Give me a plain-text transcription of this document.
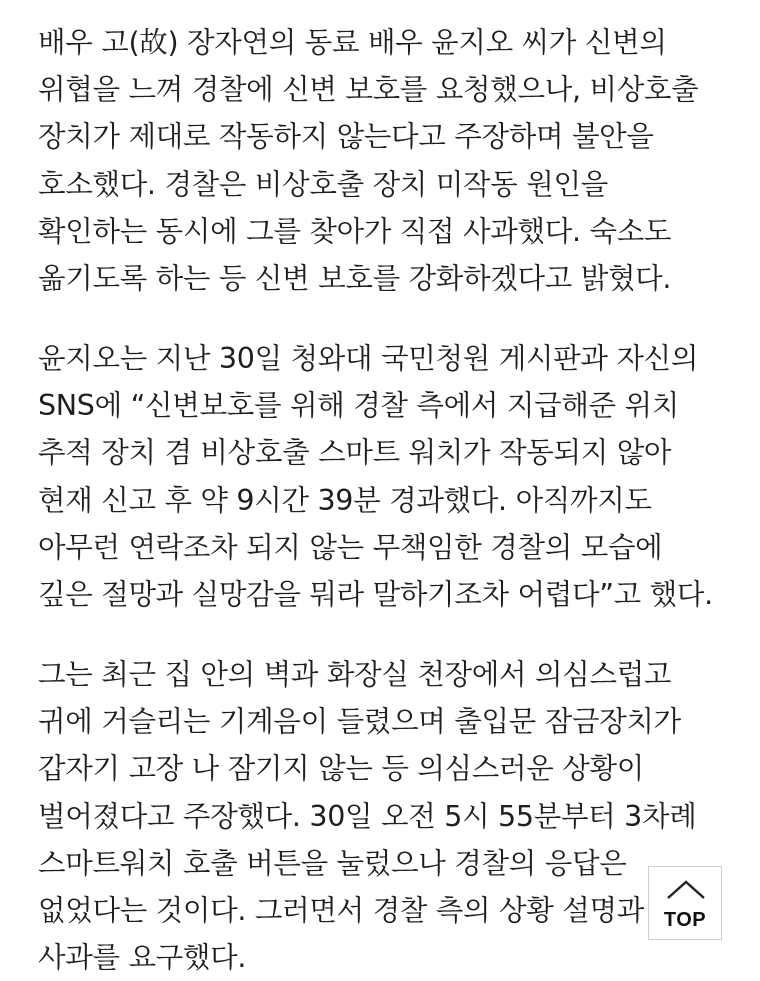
배우 고(故) 장자연의 동료 배우 윤지오 씨가 신변의
위협을 느껴 경찰에 신변 보호를 요청했으나, 비상호출
장치가 제대로 작동하지 않는다고 주장하며 불안을
호소했다. 경찰은 비상호출 장치 미작동 원인을
확인하는 동시에 그를 찾아가 직접 사과했다. 숙소도
옮기도록 하는 등 신변 보호를 강화하겠다고 밝혔다.
윤지오는 지난 30일 청와대 국민청원 게시판과 자신의
SNS에 “신변보호를 위해 경찰 측에서 지급해준 위치
추적 장치 겸 비상호출 스마트 워치가 작동되지 않아
현재 신고 후 약 9시간 39분 경과했다. 아직까지도
아무런 연락조차 되지 않는 무책임한 경찰의 모습에
깊은 절망과 실망감을 뭐라 말하기조차 어렵다”고 했다.
그는 최근 집 안의 벽과 화장실 천장에서 의심스럽고
귀에 거슬리는 기계음이 들렸으며 출입문 잠금장치가
갑자기 고장 나 잠기지 않는 등 의심스러운 상황이
벌어졌다고 주장했다. 30일 오전 5시 55분부터 3차례
스마트워치 호출 버튼을 눌렀으나 경찰의 응답은
없었다는 것이다. 그러면서 경찰 측의 상황 설명과
사과를 요구했다.
TOP
